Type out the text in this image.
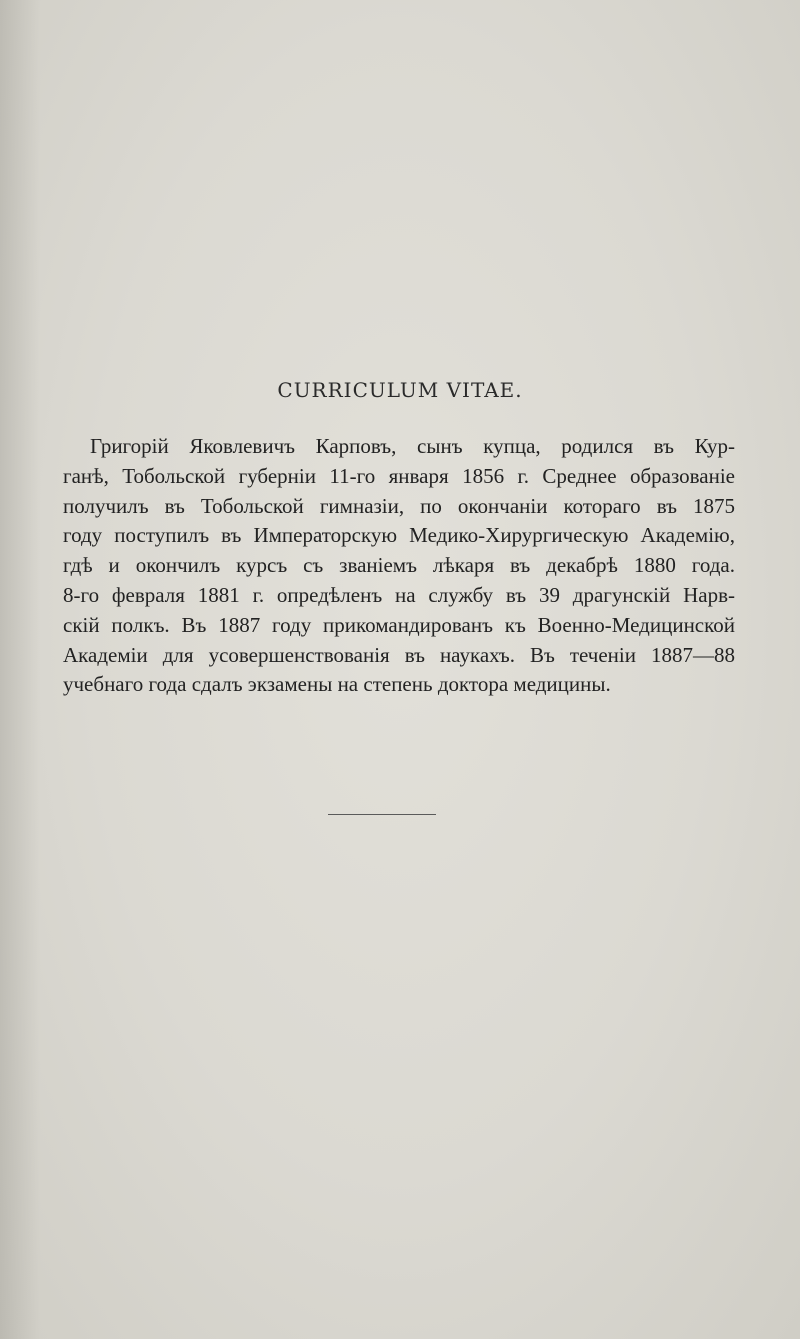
CURRICULUM VITAE.

Григорій Яковлевичъ Карповъ, сынъ купца, родился въ Кур-
ганѣ, Тобольской губерніи 11-го января 1856 г. Среднее образованіе
получилъ въ Тобольской гимназіи, по окончаніи котораго въ 1875
году поступилъ въ Императорскую Медико-Хирургическую Академію,
гдѣ и окончилъ курсъ съ званіемъ лѣкаря въ декабрѣ 1880 года.
8-го февраля 1881 г. опредѣленъ на службу въ 39 драгунскій Нарв-
скій полкъ. Въ 1887 году прикомандированъ къ Военно-Медицинской
Академіи для усовершенствованія въ наукахъ. Въ теченіи 1887—88
учебнаго года сдалъ экзамены на степень доктора медицины.
